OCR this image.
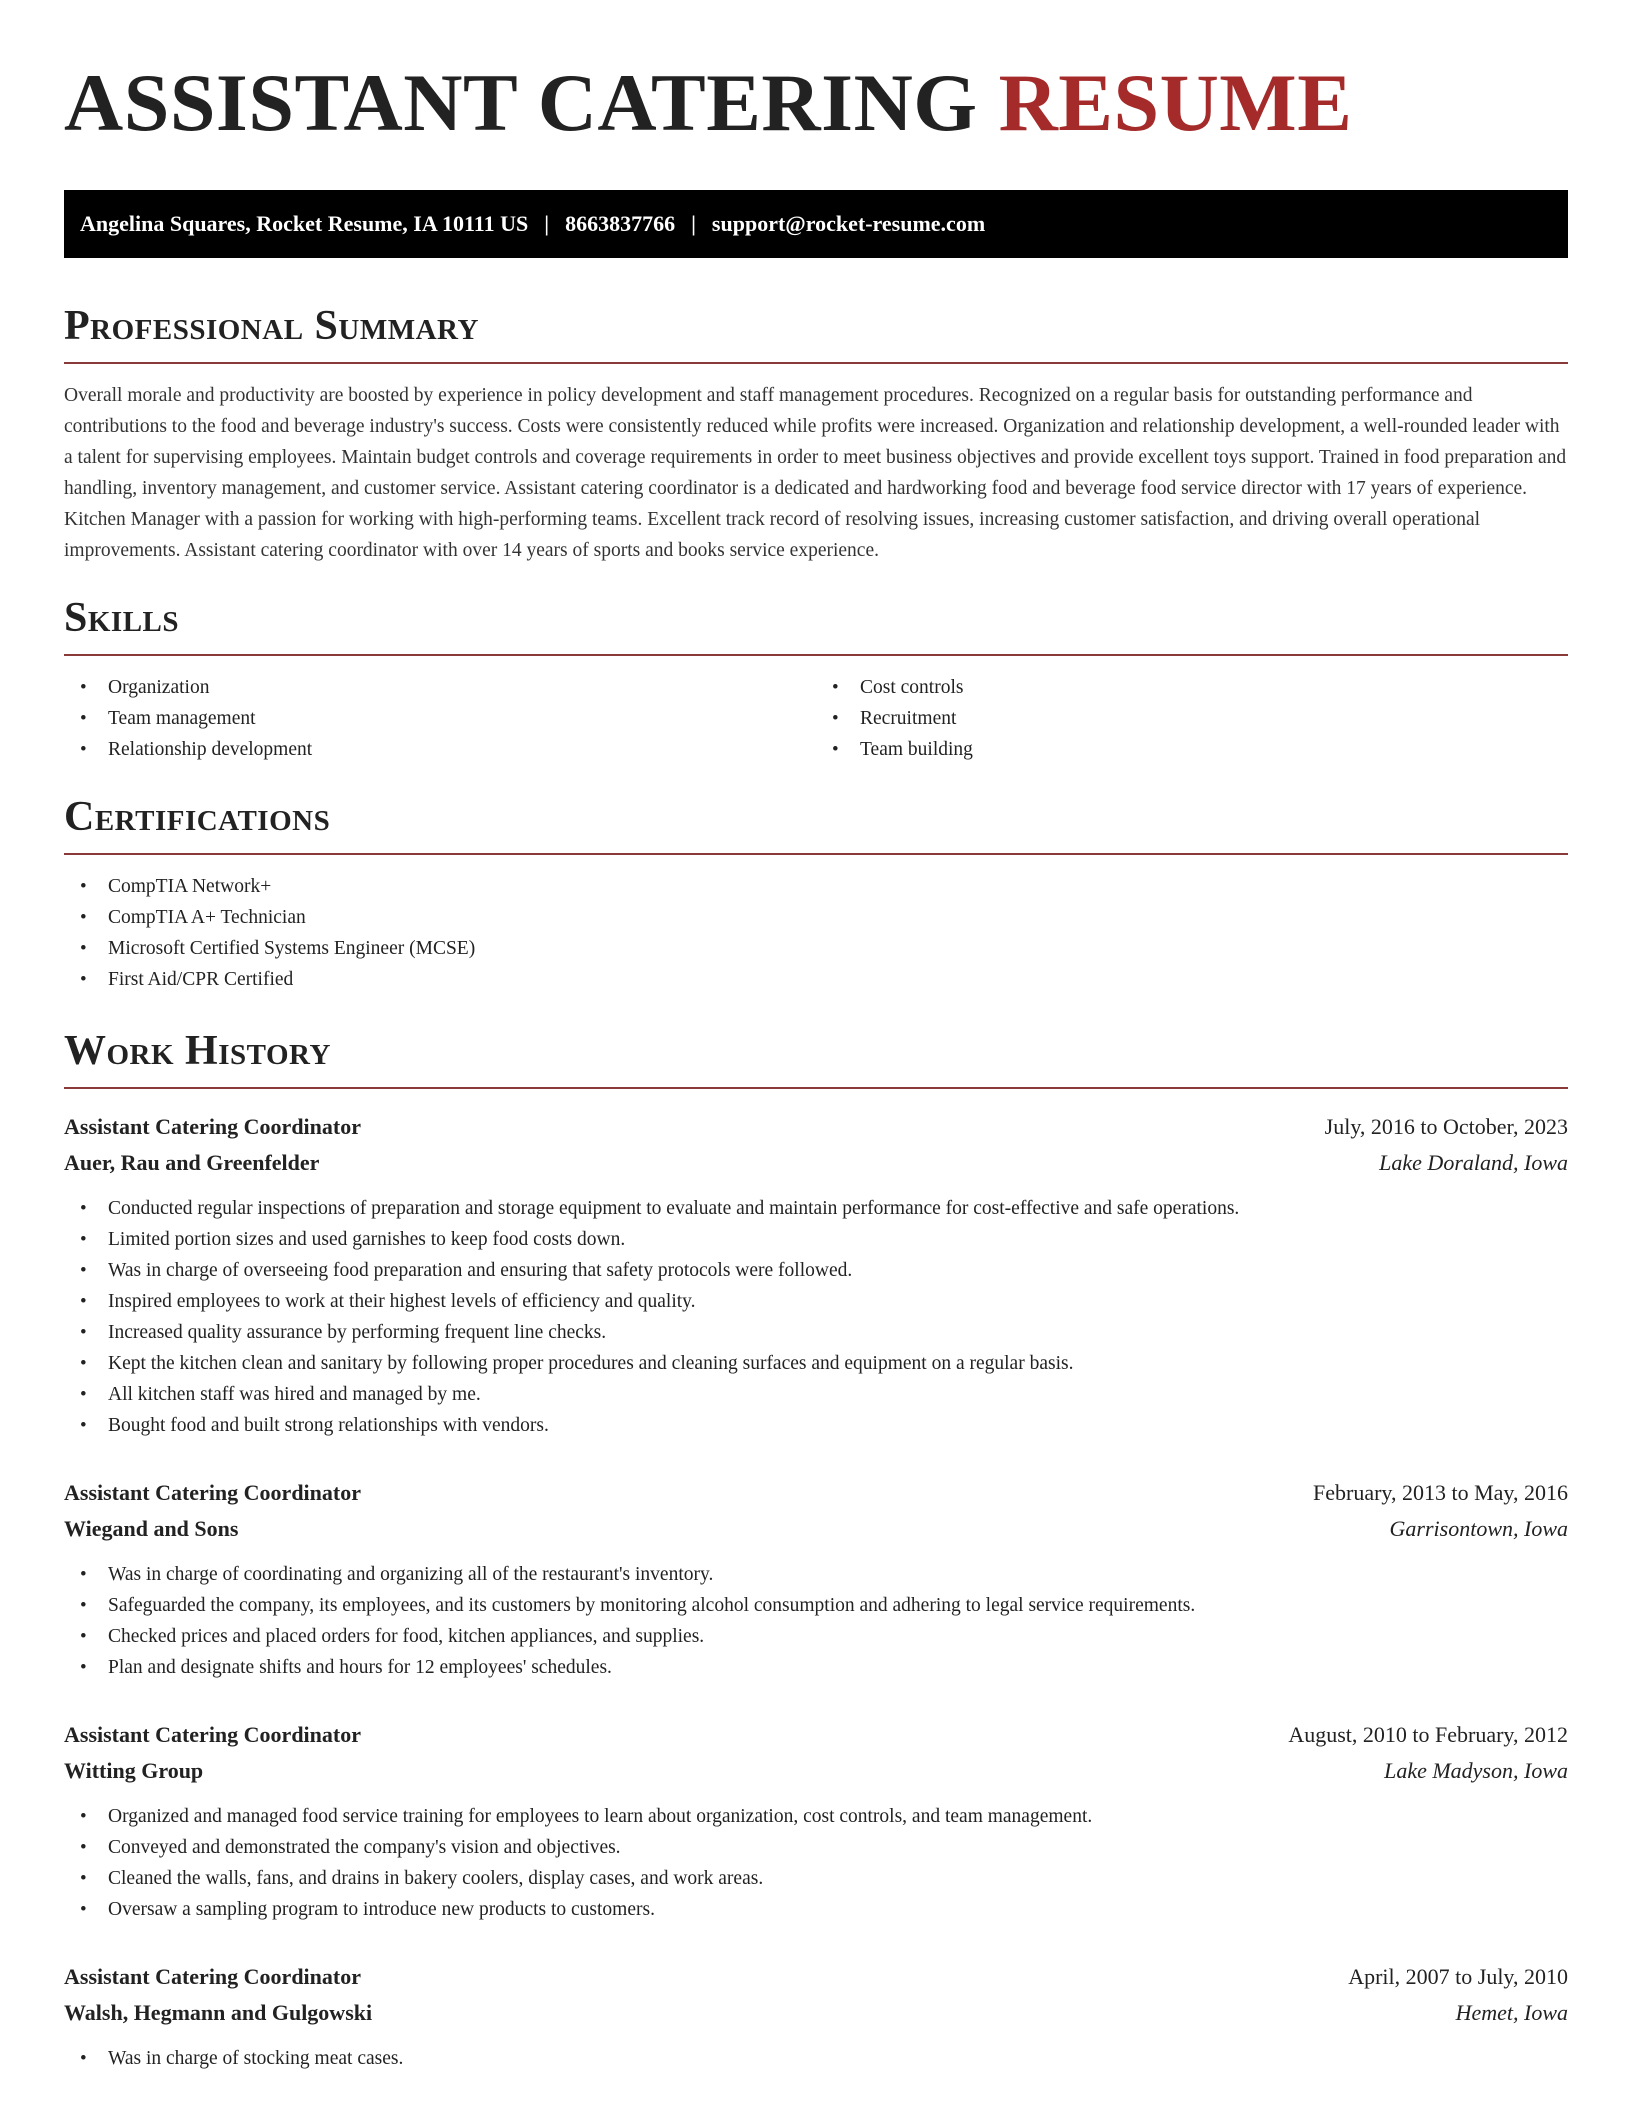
ASSISTANT CATERING RESUME
Angelina Squares, Rocket Resume, IA 10111 US | 8663837766 | support@rocket-resume.com
Professional Summary

Overall morale and productivity are boosted by experience in policy development and staff management procedures. Recognized on a regular basis for outstanding performance and contributions to the food and beverage industry's success. Costs were consistently reduced while profits were increased. Organization and relationship development, a well-rounded leader with a talent for supervising employees. Maintain budget controls and coverage requirements in order to meet business objectives and provide excellent toys support. Trained in food preparation and handling, inventory management, and customer service. Assistant catering coordinator is a dedicated and hardworking food and beverage food service director with 17 years of experience. Kitchen Manager with a passion for working with high-performing teams. Excellent track record of resolving issues, increasing customer satisfaction, and driving overall operational improvements. Assistant catering coordinator with over 14 years of sports and books service experience.

Skills
• Organization
• Team management
• Relationship development
• Cost controls
• Recruitment
• Team building
Certifications
• CompTIA Network+
• CompTIA A+ Technician
• Microsoft Certified Systems Engineer (MCSE)
• First Aid/CPR Certified
Work History
Assistant Catering Coordinator	July, 2016 to October, 2023
Auer, Rau and Greenfelder	Lake Doraland, Iowa
• Conducted regular inspections of preparation and storage equipment to evaluate and maintain performance for cost-effective and safe operations.
• Limited portion sizes and used garnishes to keep food costs down.
• Was in charge of overseeing food preparation and ensuring that safety protocols were followed.
• Inspired employees to work at their highest levels of efficiency and quality.
• Increased quality assurance by performing frequent line checks.
• Kept the kitchen clean and sanitary by following proper procedures and cleaning surfaces and equipment on a regular basis.
• All kitchen staff was hired and managed by me.
• Bought food and built strong relationships with vendors.
Assistant Catering Coordinator	February, 2013 to May, 2016
Wiegand and Sons	Garrisontown, Iowa
• Was in charge of coordinating and organizing all of the restaurant's inventory.
• Safeguarded the company, its employees, and its customers by monitoring alcohol consumption and adhering to legal service requirements.
• Checked prices and placed orders for food, kitchen appliances, and supplies.
• Plan and designate shifts and hours for 12 employees' schedules.
Assistant Catering Coordinator	August, 2010 to February, 2012
Witting Group	Lake Madyson, Iowa
• Organized and managed food service training for employees to learn about organization, cost controls, and team management.
• Conveyed and demonstrated the company's vision and objectives.
• Cleaned the walls, fans, and drains in bakery coolers, display cases, and work areas.
• Oversaw a sampling program to introduce new products to customers.
Assistant Catering Coordinator	April, 2007 to July, 2010
Walsh, Hegmann and Gulgowski	Hemet, Iowa
• Was in charge of stocking meat cases.
